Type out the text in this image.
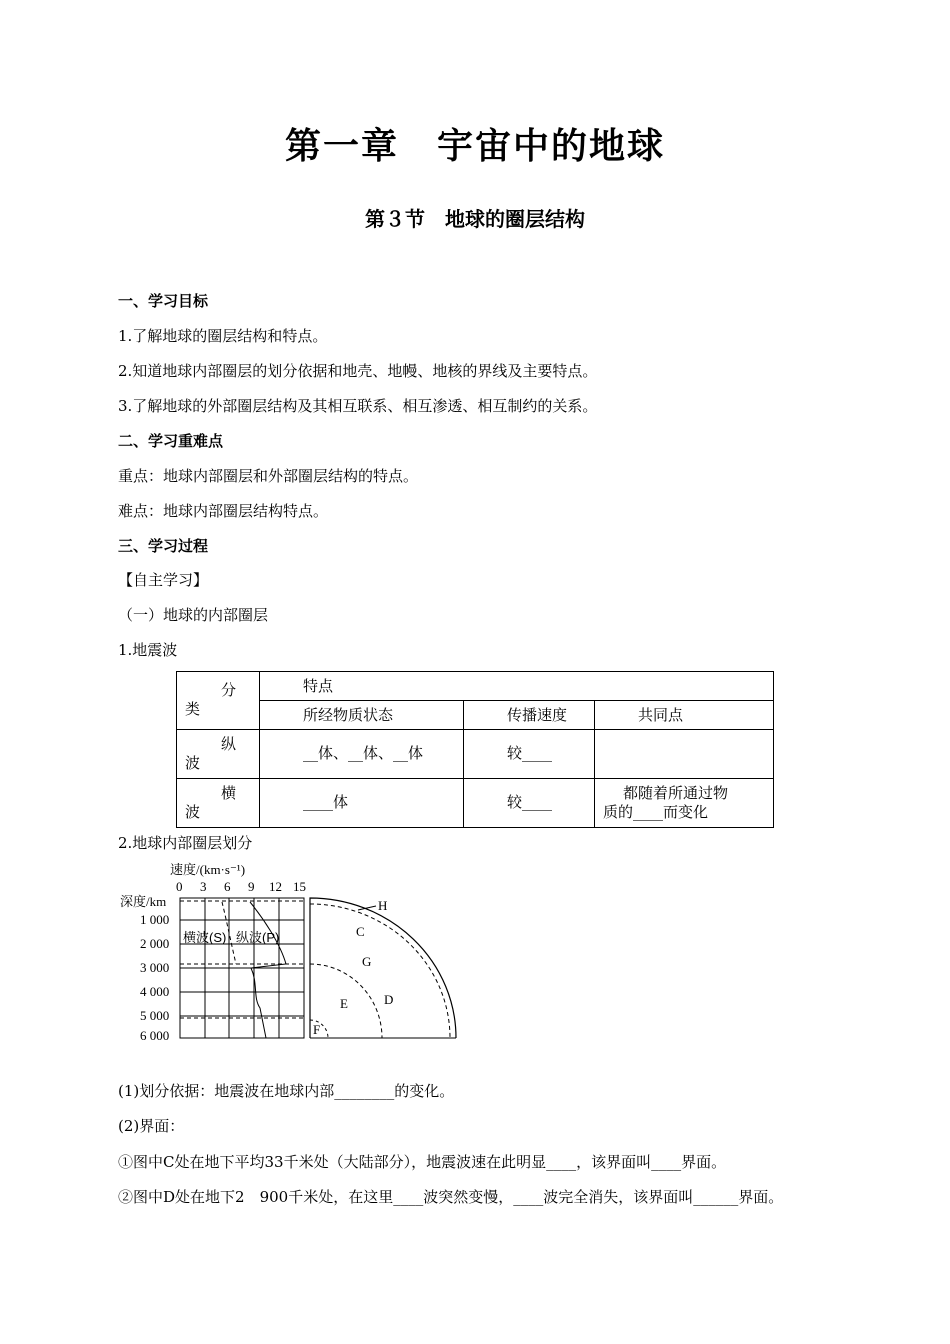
第一章　宇宙中的地球
第３节　地球的圈层结构
一、学习目标
1.了解地球的圈层结构和特点。
2.知道地球内部圈层的划分依据和地壳、地幔、地核的界线及主要特点。
3.了解地球的外部圈层结构及其相互联系、相互渗透、相互制约的关系。
二、学习重难点
重点：地球内部圈层和外部圈层结构的特点。
难点：地球内部圈层结构特点。
三、学习过程
【自主学习】
（一）地球的内部圈层
1.地震波
分
类	特点		

	所经物质状态	传播速度	共同点

纵
波	__体、__体、__体	较____	

横
波	____体	较____	都随着所通过物
质的____而变化
2.地球内部圈层划分
速度/(km·s⁻¹)
深度/km
0 3 6 9 12 15
1 000
2 000
3 000
4 000
5 000
6 000
横波(S) 纵波(P)
H
C
G
D
E
F
(1)划分依据：地震波在地球内部________的变化。
(2)界面：
①图中C处在地下平均33千米处（大陆部分），地震波速在此明显____，该界面叫____界面。
②图中D处在地下2　900千米处，在这里____波突然变慢，____波完全消失，该界面叫______界面。
